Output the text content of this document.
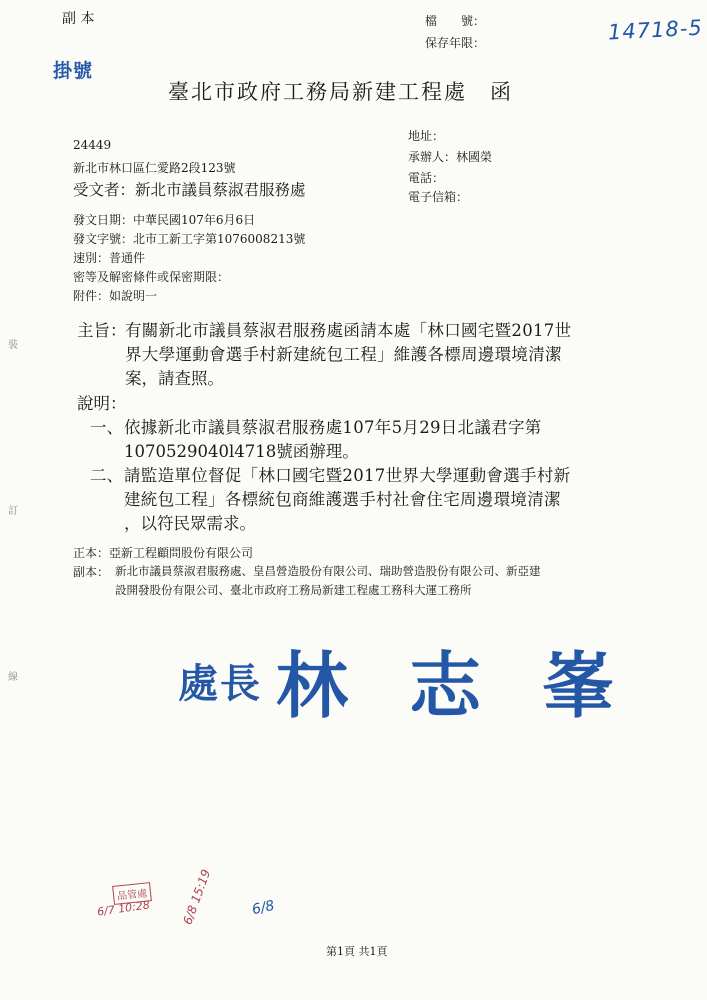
副 本	檔　　號：
保存年限：	14718-5
掛號
臺北市政府工務局新建工程處　函
24449
新北市林口區仁愛路2段123號
受文者：新北市議員蔡淑君服務處
地址：
承辦人：林國榮
電話：
電子信箱：
發文日期：中華民國107年6月6日
發文字號：北市工新工字第1076008213號
速別：普通件
密等及解密條件或保密期限：
附件：如說明一
主旨：
有關新北市議員蔡淑君服務處函請本處「林口國宅暨2017世
界大學運動會選手村新建統包工程」維護各標周邊環境清潔
案，請查照。
說明：
一、 依據新北市議員蔡淑君服務處107年5月29日北議君字第
1070529040l4718號函辦理。
二、 請監造單位督促「林口國宅暨2017世界大學運動會選手村新
建統包工程」各標統包商維護選手村社會住宅周邊環境清潔
，以符民眾需求。
正本：亞新工程顧問股份有限公司
副本： 新北市議員蔡淑君服務處、皇昌營造股份有限公司、瑞助營造股份有限公司、新亞建
設開發股份有限公司、臺北市政府工務局新建工程處工務科大運工務所
處長 林 志 峯
裝
訂
線
6/7 10:28
品管處	6/8 15:19	6/8
第1頁 共1頁
